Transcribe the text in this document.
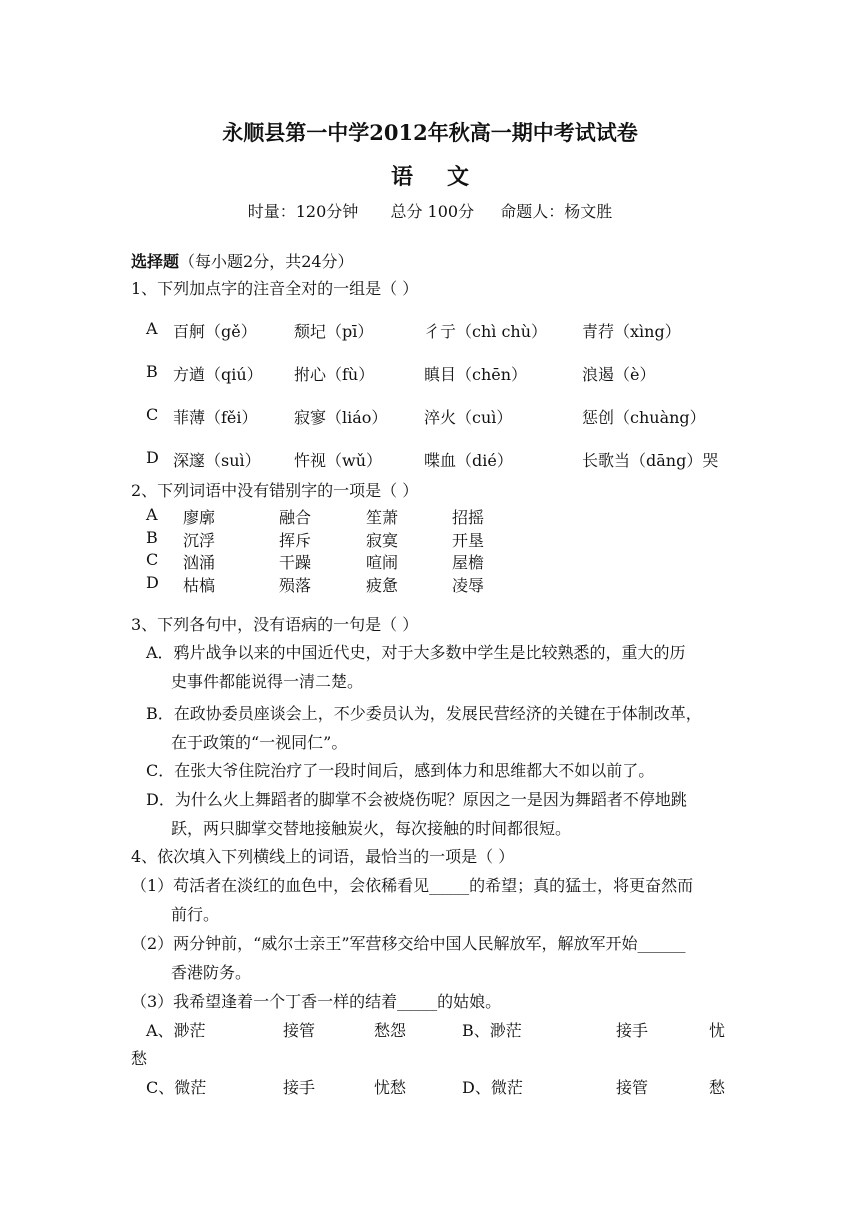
永顺县第一中学2012年秋高一期中考试试卷
语文
时量：120分钟 总分 100分 命题人：杨文胜
选择题（每小题2分，共24分）
1、下列加点字的注音全对的一组是（ ）
A 百舸（gě） 颓圮（pī）	彳亍（chì chù） 青荇（xìng）
B 方遒（qiú） 拊心（fù）	瞋目（chēn）	浪遏（è）
C 菲薄（fěi） 寂寥（liáo） 淬火（cuì）	惩创（chuàng）
D 深邃（suì） 忤视（wǔ）	喋血（dié）	长歌当（dāng）哭
2、下列词语中没有错别字的一项是（ ）
A 廖廓	融合	笙萧	招摇
B 沉浮	挥斥	寂寞	开垦
C 汹涌	干躁	喧闹	屋檐
D 枯槁	殒落	疲惫	凌辱
3、下列各句中，没有语病的一句是（ ）
A．鸦片战争以来的中国近代史，对于大多数中学生是比较熟悉的，重大的历
史事件都能说得一清二楚。
B．在政协委员座谈会上，不少委员认为，发展民营经济的关键在于体制改革，
在于政策的“一视同仁”。
C．在张大爷住院治疗了一段时间后，感到体力和思维都大不如以前了。
D．为什么火上舞蹈者的脚掌不会被烧伤呢？原因之一是因为舞蹈者不停地跳
跃，两只脚掌交替地接触炭火，每次接触的时间都很短。
4、依次填入下列横线上的词语，最恰当的一项是（ ）
（1）苟活者在淡红的血色中，会依稀看见_____的希望；真的猛士，将更奋然而
前行。
（2）两分钟前，“威尔士亲王”军营移交给中国人民解放军，解放军开始______
香港防务。
（3）我希望逢着一个丁香一样的结着_____的姑娘。
A、渺茫	接管	愁怨	B、渺茫	接手	忧
愁
C、微茫	接手	忧愁	D、微茫	接管	愁
